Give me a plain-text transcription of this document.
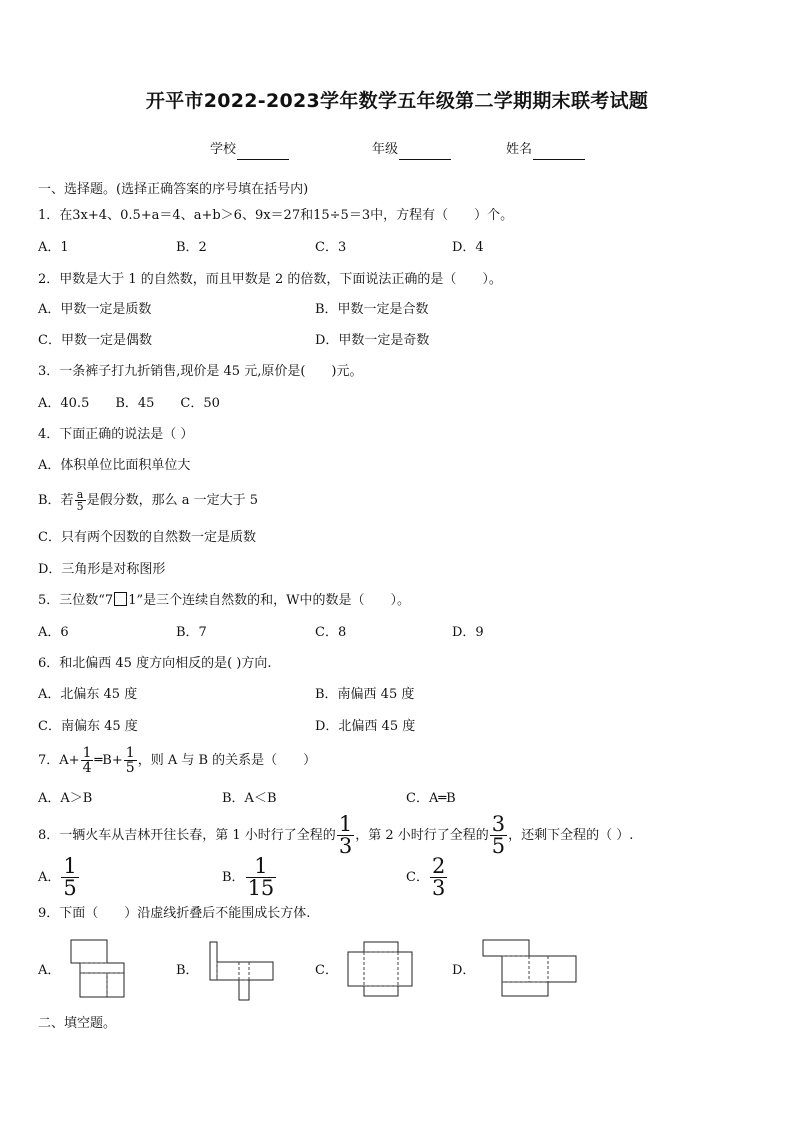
开平市2022-2023学年数学五年级第二学期期末联考试题
学校	年级	姓名
一、选择题。(选择正确答案的序号填在括号内)
1．在3x+4、0.5+a＝4、a+b＞6、9x＝27和15÷5＝3中，方程有（　　）个。
A．1	B．2	C．3	D．4
2．甲数是大于 1 的自然数，而且甲数是 2 的倍数，下面说法正确的是（　　）。
A．甲数一定是质数	B．甲数一定是合数
C．甲数一定是偶数	D．甲数一定是奇数
3．一条裤子打九折销售,现价是 45 元,原价是(　　)元。
A．40.5　　B．45　　C．50
4．下面正确的说法是（ ）
A．体积单位比面积单位大
B．若 $\frac{a}{5}$ 是假分数，那么 a 一定大于 5
C．只有两个因数的自然数一定是质数
D．三角形是对称图形
5．三位数“7 1”是三个连续自然数的和，W中的数是（　　）。
A．6	B．7	C．8	D．9
6．和北偏西 45 度方向相反的是( )方向.
A．北偏东 45 度	B．南偏西 45 度
C．南偏东 45 度	D．北偏西 45 度
7．$A+ \frac{1}{4}$ ═B+ $\frac{1}{5}$ ，则 A 与 B 的关系是（　　）
A．A＞B	B．A＜B	C．A═B
8．一辆火车从吉林开往长春，第 1 小时行了全程的 $\frac{1}{3}$ ，第 2 小时行了全程的 $\frac{3}{5}$ ，还剩下全程的（ ）.
A． $\frac{1}{5}$	B． $\frac{1}{15}$	C． $\frac{2}{3}$
9．下面（　　）沿虚线折叠后不能围成长方体.
A．	B．	C．	D．
二、填空题。
